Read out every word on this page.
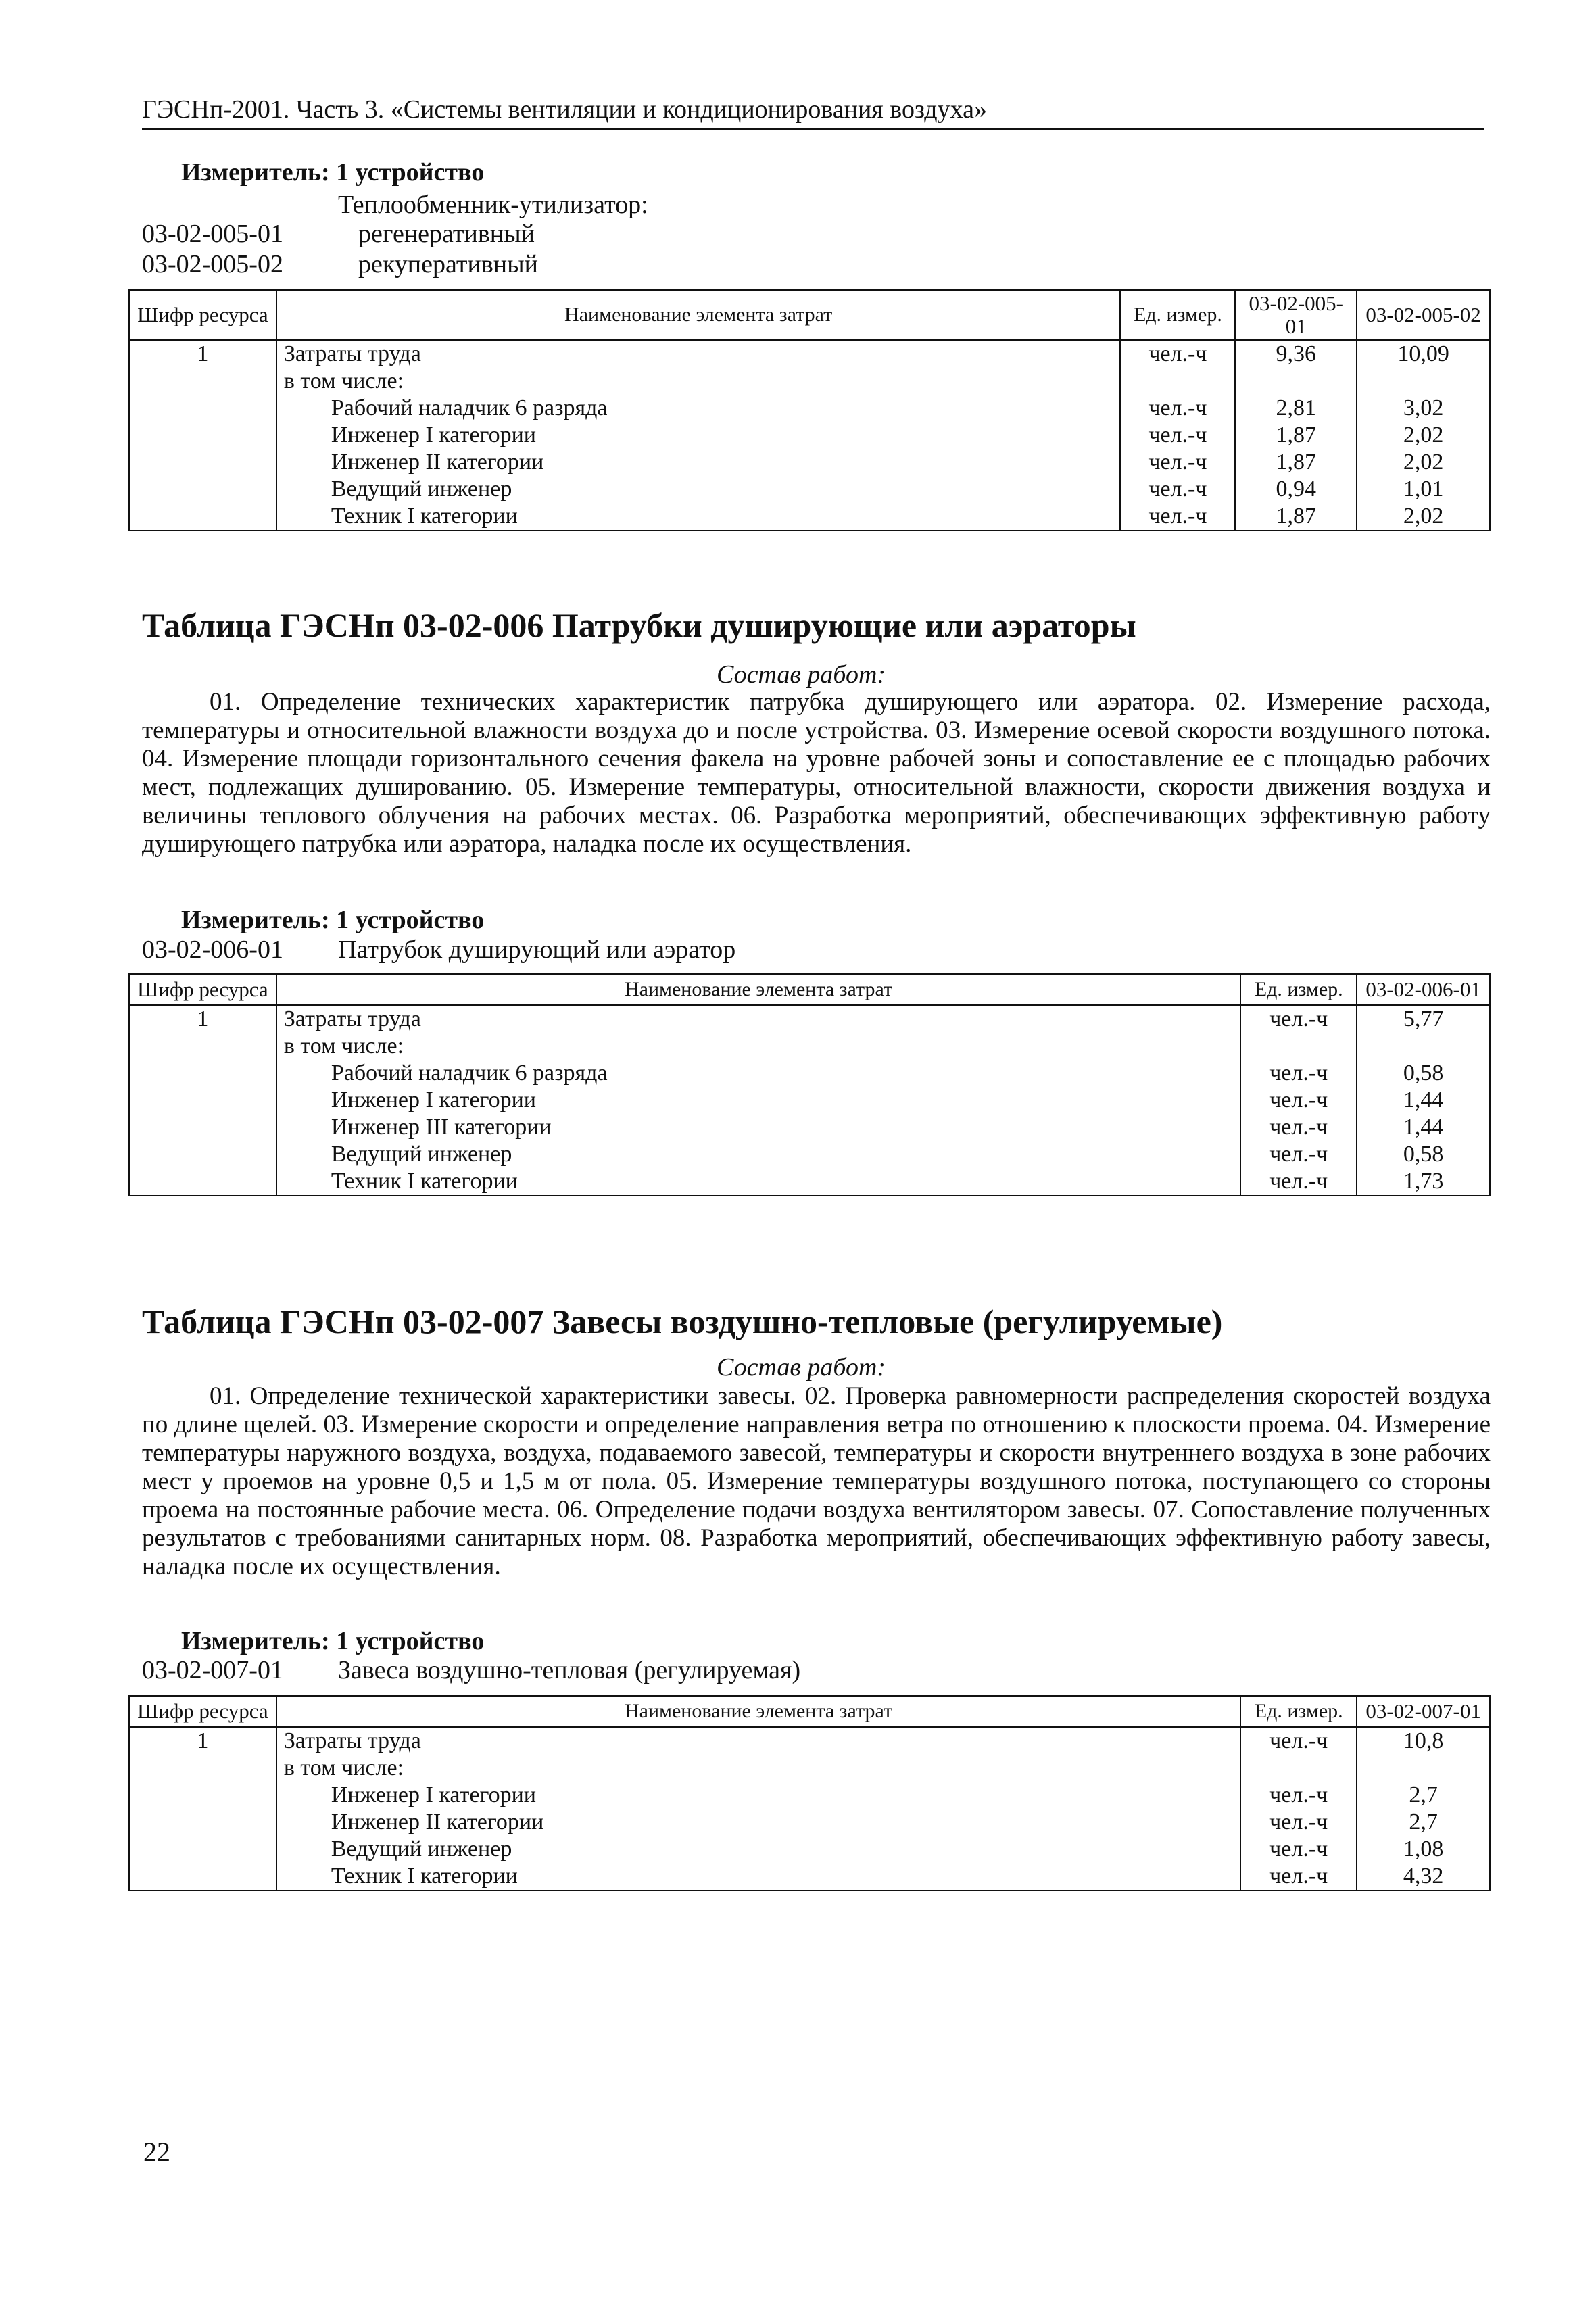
ГЭСНп-2001. Часть 3. «Системы вентиляции и кондиционирования воздуха»
Измеритель: 1 устройство
Теплообменник-утилизатор:
03-02-005-01	регенеративный
03-02-005-02	рекуперативный
Шифр ресурса	Наименование элемента затрат	Ед. измер.	03-02-005-01	03-02-005-02
1	Затраты труда	чел.-ч	9,36	10,09
	в том числе:			
	Рабочий наладчик 6 разряда	чел.-ч	2,81	3,02
	Инженер I категории	чел.-ч	1,87	2,02
	Инженер II категории	чел.-ч	1,87	2,02
	Ведущий инженер	чел.-ч	0,94	1,01
	Техник I категории	чел.-ч	1,87	2,02
Таблица ГЭСНп 03-02-006 Патрубки душирующие или аэраторы
Состав работ:

01. Определение технических характеристик патрубка душирующего или аэратора. 02. Измерение расхода, температуры и относительной влажности воздуха до и после устройства. 03. Измерение осевой скорости воздушного потока. 04. Измерение площади горизонтального сечения факела на уровне рабочей зоны и сопоставление ее с площадью рабочих мест, подлежащих душированию. 05. Измерение температуры, относительной влажности, скорости движения воздуха и величины теплового облучения на рабочих местах. 06. Разработка мероприятий, обеспечивающих эффективную работу душирующего патрубка или аэратора, наладка после их осуществления.

Измеритель: 1 устройство
03-02-006-01 Патрубок душирующий или аэратор
Шифр ресурса	Наименование элемента затрат	Ед. измер.	03-02-006-01
1	Затраты труда	чел.-ч	5,77
	в том числе:		
	Рабочий наладчик 6 разряда	чел.-ч	0,58
	Инженер I категории	чел.-ч	1,44
	Инженер III категории	чел.-ч	1,44
	Ведущий инженер	чел.-ч	0,58
	Техник I категории	чел.-ч	1,73
Таблица ГЭСНп 03-02-007 Завесы воздушно-тепловые (регулируемые)
Состав работ:

01. Определение технической характеристики завесы. 02. Проверка равномерности распределения скоростей воздуха по длине щелей. 03. Измерение скорости и определение направления ветра по отношению к плоскости проема. 04. Измерение температуры наружного воздуха, воздуха, подаваемого завесой, температуры и скорости внутреннего воздуха в зоне рабочих мест у проемов на уровне 0,5 и 1,5 м от пола. 05. Измерение температуры воздушного потока, поступающего со стороны проема на постоянные рабочие места. 06. Определение подачи воздуха вентилятором завесы. 07. Сопоставление полученных результатов с требованиями санитарных норм. 08. Разработка мероприятий, обеспечивающих эффективную работу завесы, наладка после их осуществления.

Измеритель: 1 устройство
03-02-007-01 Завеса воздушно-тепловая (регулируемая)
Шифр ресурса	Наименование элемента затрат	Ед. измер.	03-02-007-01
1	Затраты труда	чел.-ч	10,8
	в том числе:		
	Инженер I категории	чел.-ч	2,7
	Инженер II категории	чел.-ч	2,7
	Ведущий инженер	чел.-ч	1,08
	Техник I категории	чел.-ч	4,32
22
